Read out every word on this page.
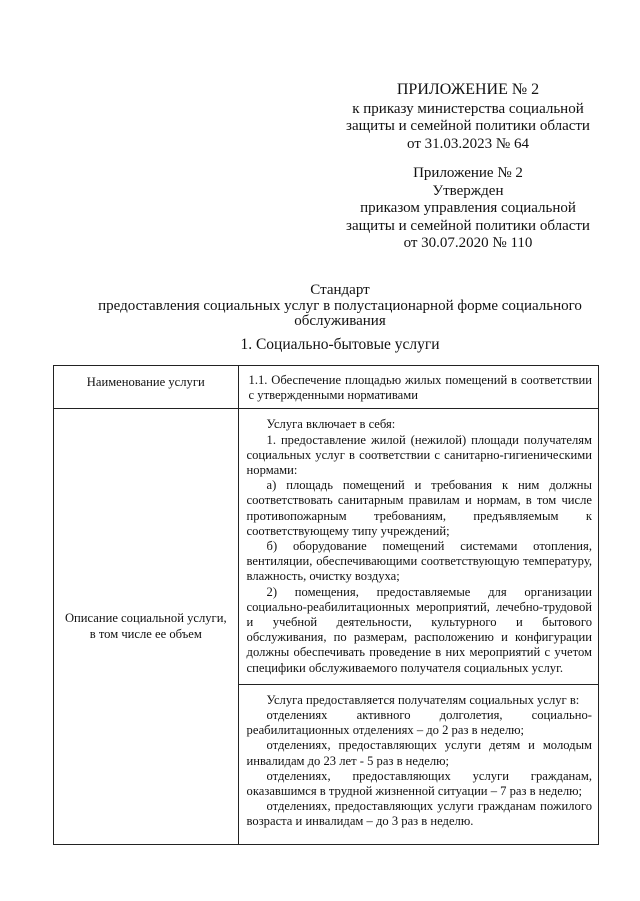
ПРИЛОЖЕНИЕ № 2
к приказу министерства социальной
защиты и семейной политики области
от 31.03.2023 № 64
Приложение № 2
Утвержден
приказом управления социальной
защиты и семейной политики области
от 30.07.2020 № 110
Стандарт
предоставления социальных услуг в полустационарной форме социального
обслуживания
1. Социально-бытовые услуги
Наименование услуги	1.1. Обеспечение площадью жилых помещений в соответствии с утвержденными нормативами
Описание социальной услуги, в том числе ее объем	Услуга включает в себя:

1. предоставление жилой (нежилой) площади получателям социальных услуг в соответствии с санитарно-гигиеническими нормами:

а) площадь помещений и требования к ним должны соответствовать санитарным правилам и нормам, в том числе противопожарным требованиям, предъявляемым к соответствующему типу учреждений;

б) оборудование помещений системами отопления, вентиляции, обеспечивающими соответствующую температуру, влажность, очистку воздуха;

2) помещения, предоставляемые для организации социально-реабилитационных мероприятий, лечебно-трудовой и учебной деятельности, культурного и бытового обслуживания, по размерам, расположению и конфигурации должны обеспечивать проведение в них мероприятий с учетом специфики обслуживаемого получателя социальных услуг.

	Услуга предоставляется получателям социальных услуг в:

отделениях активного долголетия, социально-реабилитационных отделениях – до 2 раз в неделю;

отделениях, предоставляющих услуги детям и молодым инвалидам до 23 лет - 5 раз в неделю;

отделениях, предоставляющих услуги гражданам, оказавшимся в трудной жизненной ситуации – 7 раз в неделю;

отделениях, предоставляющих услуги гражданам пожилого возраста и инвалидам – до 3 раз в неделю.
